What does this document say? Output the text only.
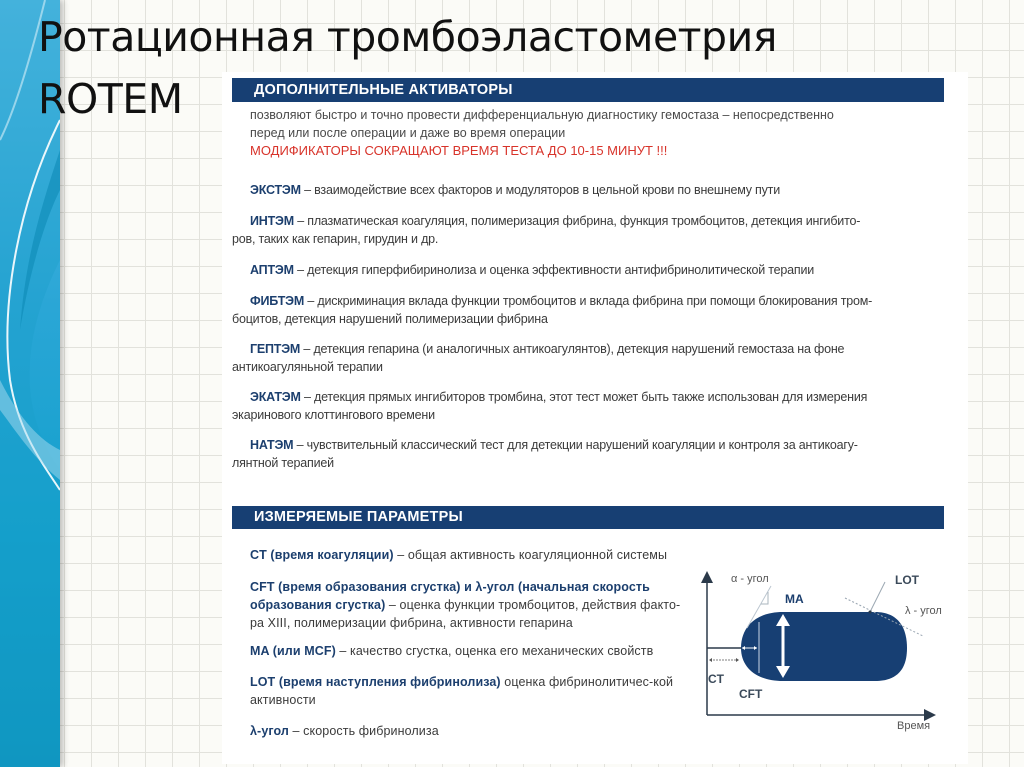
Ротационная тромбоэластометрия
ROTEM	ДОПОЛНИТЕЛЬНЫЕ АКТИВАТОРЫ
позволяют быстро и точно провести дифференциальную диагностику гемостаза – непосредственно
перед или после операции и даже во время операции
МОДИФИКАТОРЫ СОКРАЩАЮТ ВРЕМЯ ТЕСТА ДО 10-15 МИНУТ !!!
ЭКСТЭМ – взаимодействие всех факторов и модуляторов в цельной крови по внешнему пути
ИНТЭМ – плазматическая коагуляция, полимеризация фибрина, функция тромбоцитов, детекция ингибито-
ров, таких как гепарин, гирудин и др.
АПТЭМ – детекция гиперфибиринолиза и оценка эффективности антифибринолитической терапии
ФИБТЭМ – дискриминация вклада функции тромбоцитов и вклада фибрина при помощи блокирования тром-
боцитов, детекция нарушений полимеризации фибрина
ГЕПТЭМ – детекция гепарина (и аналогичных антикоагулянтов), детекция нарушений гемостаза на фоне
антикоагуляньной терапии
ЭКАТЭМ – детекция прямых ингибиторов тромбина, этот тест может быть также использован для измерения
экаринового клоттингового времени
НАТЭМ – чувствительный классический тест для детекции нарушений коагуляции и контроля за антикоагу-
лянтной терапией
ИЗМЕРЯЕМЫЕ ПАРАМЕТРЫ
CT (время коагуляции) – общая активность коагуляционной системы
CFT (время образования сгустка) и λ-угол (начальная скорость образования сгустка) – оценка функции тромбоцитов, действия факто-ра XIII, полимеризации фибрина, активности гепарина
MA (или MCF) – качество сгустка, оценка его механических свойств
LOT (время наступления фибринолиза) оценка фибринолитичес-кой активности
λ-угол – скорость фибринолиза
α - угол
MA
LOT
λ - угол
CT
CFT
Время
